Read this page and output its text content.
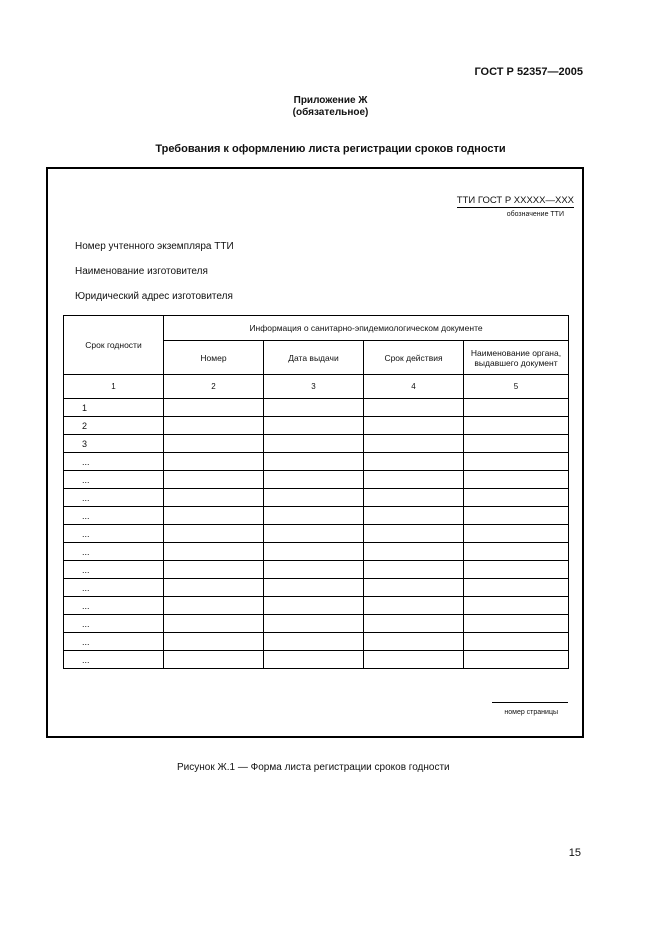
ГОСТ Р 52357—2005
Приложение Ж
(обязательное)
Требования к оформлению листа регистрации сроков годности
ТТИ ГОСТ Р XXXXX—XXX
обозначение ТТИ
Номер учтенного экземпляра ТТИ
Наименование изготовителя
Юридический адрес изготовителя
Срок годности	Информация о санитарно-эпидемиологическом документе			
	Номер	Дата выдачи	Срок действия	Наименование органа, выдавшего документ
1	2	3	4	5
1				
2				
3				
...				
...				
...				
...				
...				
...				
...				
...				
...				
...				
...				
...				
номер страницы
Рисунок Ж.1 — Форма листа регистрации сроков годности
15
